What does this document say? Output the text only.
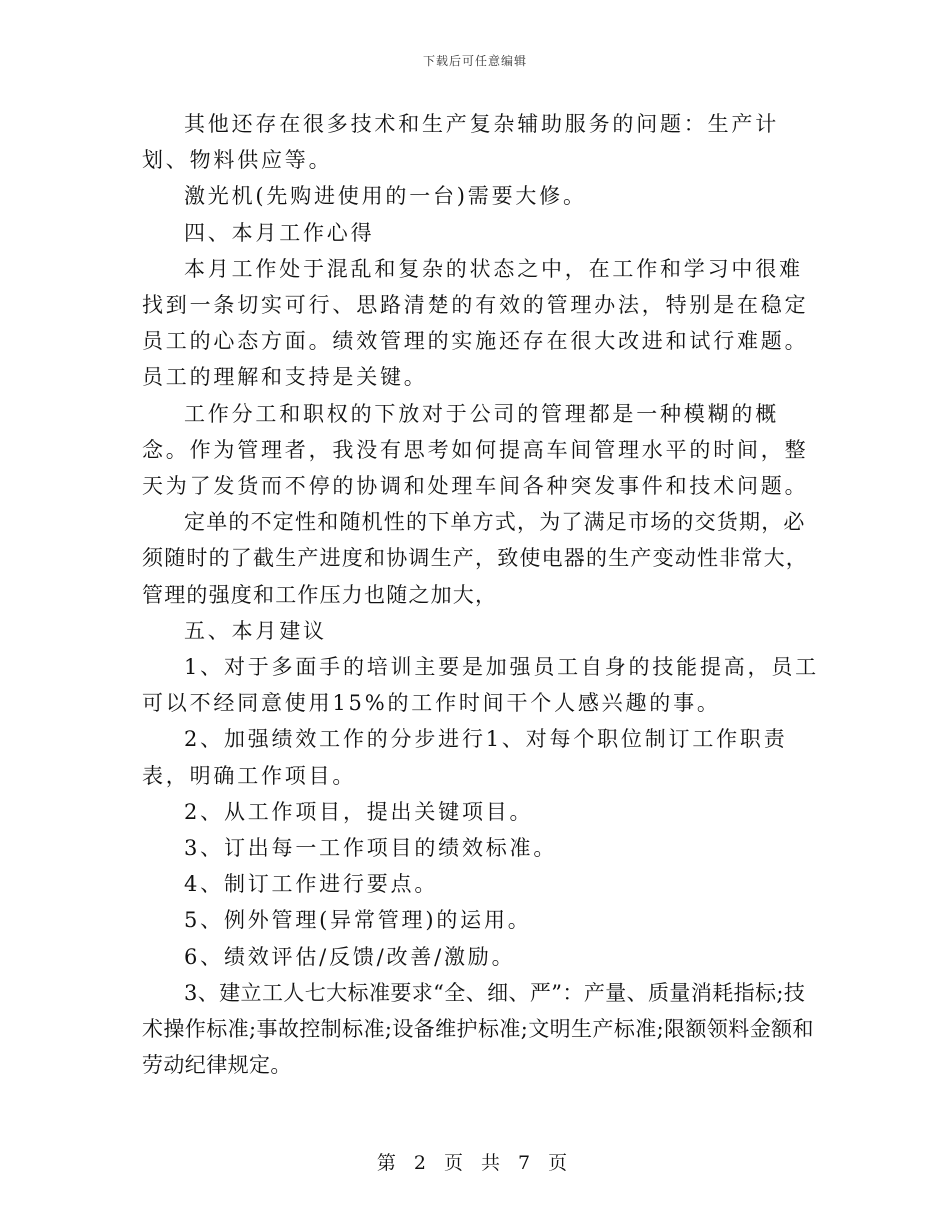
下载后可任意编辑

其他还存在很多技术和生产复杂辅助服务的问题：生产计划、物料供应等。

激光机(先购进使用的一台)需要大修。

四、本月工作心得

本月工作处于混乱和复杂的状态之中，在工作和学习中很难找到一条切实可行、思路清楚的有效的管理办法，特别是在稳定员工的心态方面。绩效管理的实施还存在很大改进和试行难题。员工的理解和支持是关键。

工作分工和职权的下放对于公司的管理都是一种模糊的概念。作为管理者，我没有思考如何提高车间管理水平的时间，整天为了发货而不停的协调和处理车间各种突发事件和技术问题。

定单的不定性和随机性的下单方式，为了满足市场的交货期，必须随时的了截生产进度和协调生产，致使电器的生产变动性非常大，管理的强度和工作压力也随之加大，

五、本月建议

1、对于多面手的培训主要是加强员工自身的技能提高，员工可以不经同意使用15%的工作时间干个人感兴趣的事。

2、加强绩效工作的分步进行1、对每个职位制订工作职责表，明确工作项目。

2、从工作项目，提出关键项目。

3、订出每一工作项目的绩效标准。

4、制订工作进行要点。

5、例外管理(异常管理)的运用。

6、绩效评估/反馈/改善/激励。

3、建立工人七大标准要求“全、细、严”：产量、质量消耗指标;技术操作标准;事故控制标准;设备维护标准;文明生产标准;限额领料金额和劳动纪律规定。

第 2 页 共 7 页
